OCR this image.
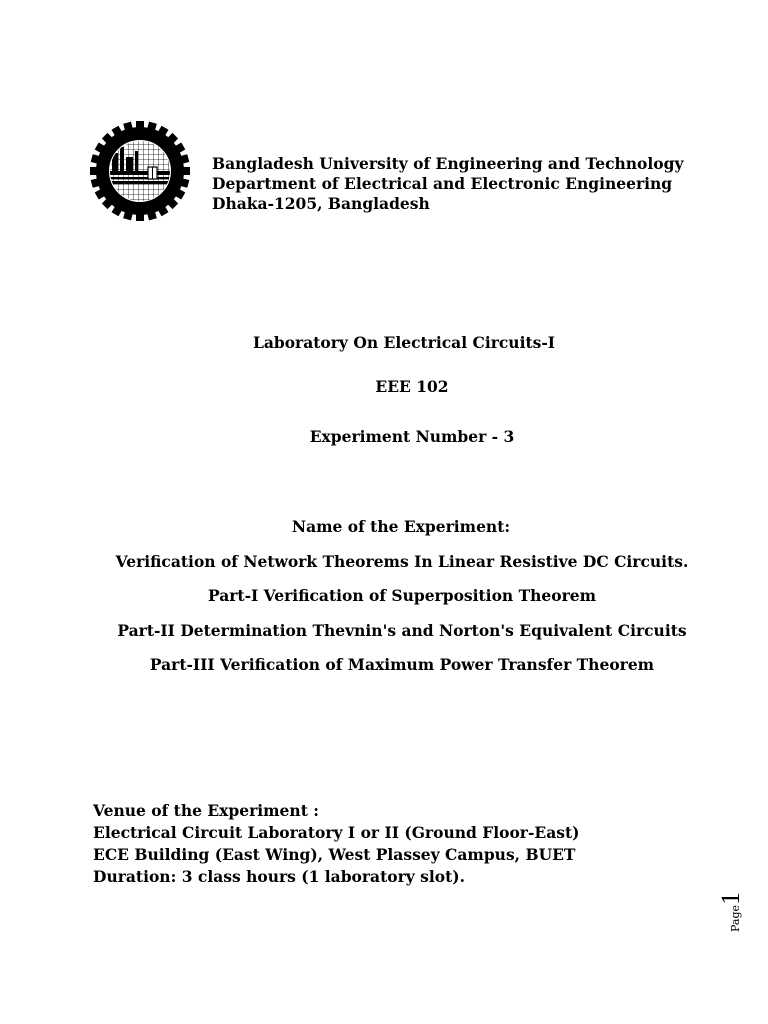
Bangladesh University of Engineering and Technology
Department of Electrical and Electronic Engineering
Dhaka-1205, Bangladesh
Laboratory On Electrical Circuits-I
EEE 102
Experiment Number - 3
Name of the Experiment:
Verification of Network Theorems In Linear Resistive DC Circuits.
Part-I Verification of Superposition Theorem
Part-II Determination Thevnin's and Norton's Equivalent Circuits
Part-III Verification of Maximum Power Transfer Theorem
Venue of the Experiment :
Electrical Circuit Laboratory I or II (Ground Floor-East)
ECE Building (East Wing), West Plassey Campus, BUET
Duration: 3 class hours (1 laboratory slot).
Page1
